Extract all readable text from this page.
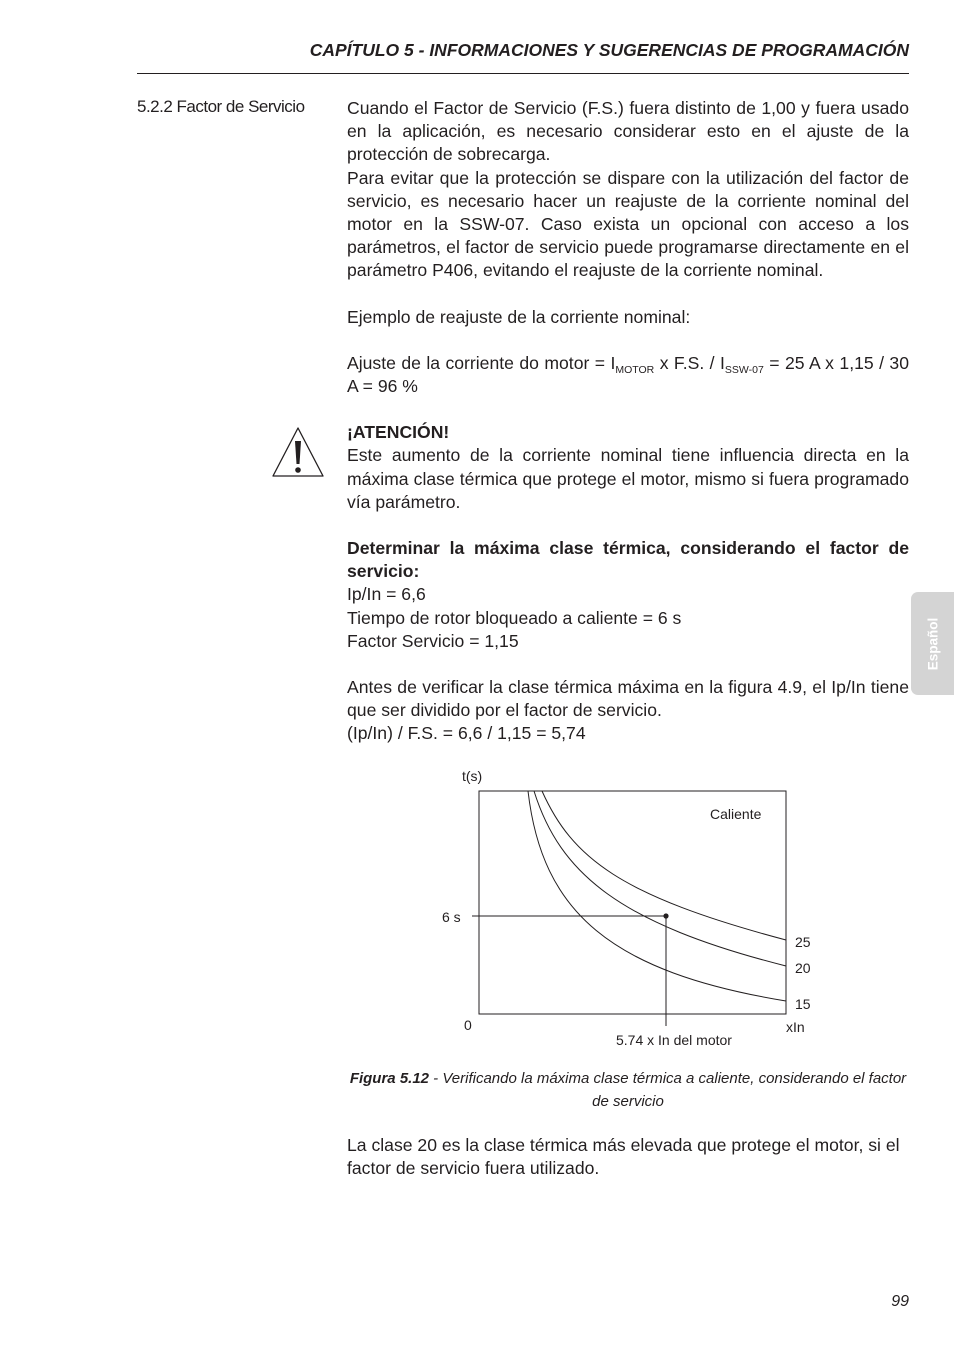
CAPÍTULO 5 - INFORMACIONES Y SUGERENCIAS DE PROGRAMACIÓN
5.2.2 Factor de Servicio Cuando el Factor de Servicio (F.S.) fuera distinto de 1,00 y fuera usado en la aplicación, es necesario considerar esto en el ajuste de la protección de sobrecarga.

Para evitar que la protección se dispare con la utilización del factor de servicio, es necesario hacer un reajuste de la corriente nominal del motor en la SSW-07. Caso exista un opcional con acceso a los parámetros, el factor de servicio puede programarse directamente en el parámetro P406, evitando el reajuste de la corriente nominal.

Ejemplo de reajuste de la corriente nominal:

Ajuste de la corriente do motor = $I_{MOTOR}$ x F.S. / $I_{SSW-07} = 25$ A x 1,15 / 30 A = 96 %

¡ATENCIÓN!

Este aumento de la corriente nominal tiene influencia directa en la máxima clase térmica que protege el motor, mismo si fuera programado vía parámetro.

Determinar la máxima clase térmica, considerando el factor de servicio:

Ip/In = 6,6

Tiempo de rotor bloqueado a caliente = 6 s

Factor Servicio = 1,15

Antes de verificar la clase térmica máxima en la figura 4.9, el Ip/In tiene que ser dividido por el factor de servicio.

(Ip/In) / F.S. = 6,6 / 1,15 = 5,74

t(s)
Caliente
6 s
25
20
15
0	xIn
5.74 x In del motor
Figura 5.12 - Verificando la máxima clase térmica a caliente, considerando el factor de servicio

La clase 20 es la clase térmica más elevada que protege el motor, si el factor de servicio fuera utilizado.

Español
99
